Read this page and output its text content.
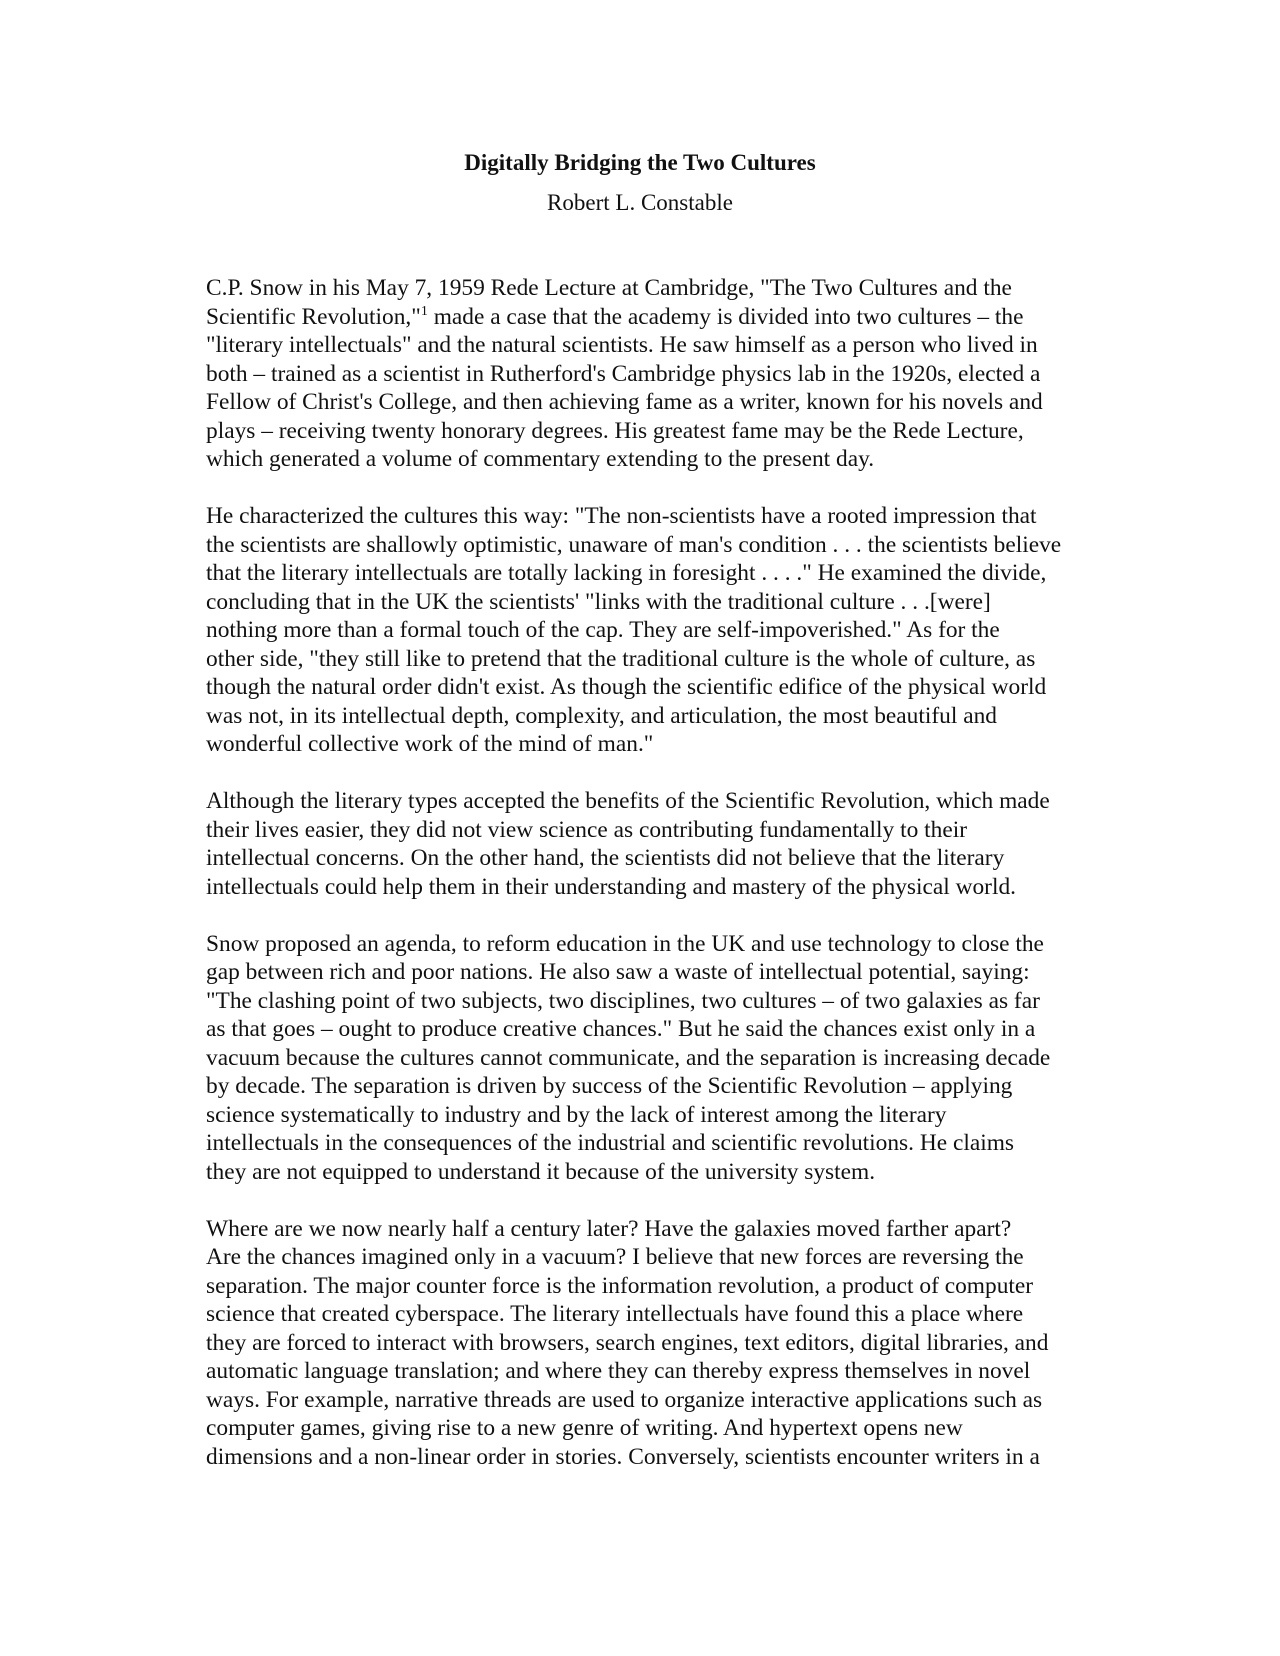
Digitally Bridging the Two Cultures
Robert L. Constable
C.P. Snow in his May 7, 1959 Rede Lecture at Cambridge, "The Two Cultures and the
Scientific Revolution,"$^1$ made a case that the academy is divided into two cultures – the
"literary intellectuals" and the natural scientists. He saw himself as a person who lived in
both – trained as a scientist in Rutherford's Cambridge physics lab in the 1920s, elected a
Fellow of Christ's College, and then achieving fame as a writer, known for his novels and
plays – receiving twenty honorary degrees. His greatest fame may be the Rede Lecture,
which generated a volume of commentary extending to the present day.
He characterized the cultures this way: "The non-scientists have a rooted impression that
the scientists are shallowly optimistic, unaware of man's condition . . . the scientists believe
that the literary intellectuals are totally lacking in foresight . . . ." He examined the divide,
concluding that in the UK the scientists' "links with the traditional culture . . .[were]
nothing more than a formal touch of the cap. They are self-impoverished." As for the
other side, "they still like to pretend that the traditional culture is the whole of culture, as
though the natural order didn't exist. As though the scientific edifice of the physical world
was not, in its intellectual depth, complexity, and articulation, the most beautiful and
wonderful collective work of the mind of man."
Although the literary types accepted the benefits of the Scientific Revolution, which made
their lives easier, they did not view science as contributing fundamentally to their
intellectual concerns. On the other hand, the scientists did not believe that the literary
intellectuals could help them in their understanding and mastery of the physical world.
Snow proposed an agenda, to reform education in the UK and use technology to close the
gap between rich and poor nations. He also saw a waste of intellectual potential, saying:
"The clashing point of two subjects, two disciplines, two cultures – of two galaxies as far
as that goes – ought to produce creative chances." But he said the chances exist only in a
vacuum because the cultures cannot communicate, and the separation is increasing decade
by decade. The separation is driven by success of the Scientific Revolution – applying
science systematically to industry and by the lack of interest among the literary
intellectuals in the consequences of the industrial and scientific revolutions. He claims
they are not equipped to understand it because of the university system.
Where are we now nearly half a century later? Have the galaxies moved farther apart?
Are the chances imagined only in a vacuum? I believe that new forces are reversing the
separation. The major counter force is the information revolution, a product of computer
science that created cyberspace. The literary intellectuals have found this a place where
they are forced to interact with browsers, search engines, text editors, digital libraries, and
automatic language translation; and where they can thereby express themselves in novel
ways. For example, narrative threads are used to organize interactive applications such as
computer games, giving rise to a new genre of writing. And hypertext opens new
dimensions and a non-linear order in stories. Conversely, scientists encounter writers in a
